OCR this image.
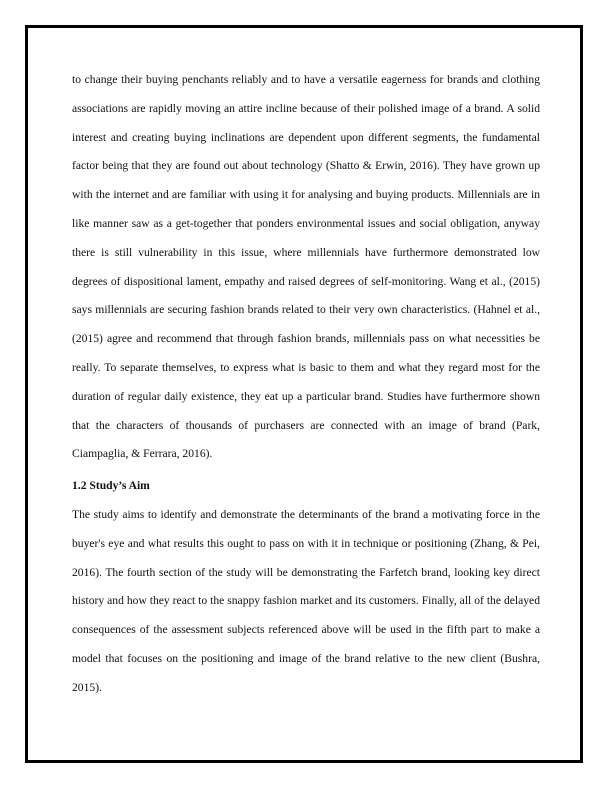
to change their buying penchants reliably and to have a versatile eagerness for brands and clothing associations are rapidly moving an attire incline because of their polished image of a brand. A solid interest and creating buying inclinations are dependent upon different segments, the fundamental factor being that they are found out about technology (Shatto & Erwin, 2016). They have grown up with the internet and are familiar with using it for analysing and buying products. Millennials are in like manner saw as a get-together that ponders environmental issues and social obligation, anyway there is still vulnerability in this issue, where millennials have furthermore demonstrated low degrees of dispositional lament, empathy and raised degrees of self-monitoring. Wang et al., (2015) says millennials are securing fashion brands related to their very own characteristics. (Hahnel et al., (2015) agree and recommend that through fashion brands, millennials pass on what necessities be really. To separate themselves, to express what is basic to them and what they regard most for the duration of regular daily existence, they eat up a particular brand. Studies have furthermore shown that the characters of thousands of purchasers are connected with an image of brand (Park, Ciampaglia, & Ferrara, 2016).

1.2 Study’s Aim

The study aims to identify and demonstrate the determinants of the brand a motivating force in the buyer's eye and what results this ought to pass on with it in technique or positioning (Zhang, & Pei, 2016). The fourth section of the study will be demonstrating the Farfetch brand, looking key direct history and how they react to the snappy fashion market and its customers. Finally, all of the delayed consequences of the assessment subjects referenced above will be used in the fifth part to make a model that focuses on the positioning and image of the brand relative to the new client (Bushra, 2015).
